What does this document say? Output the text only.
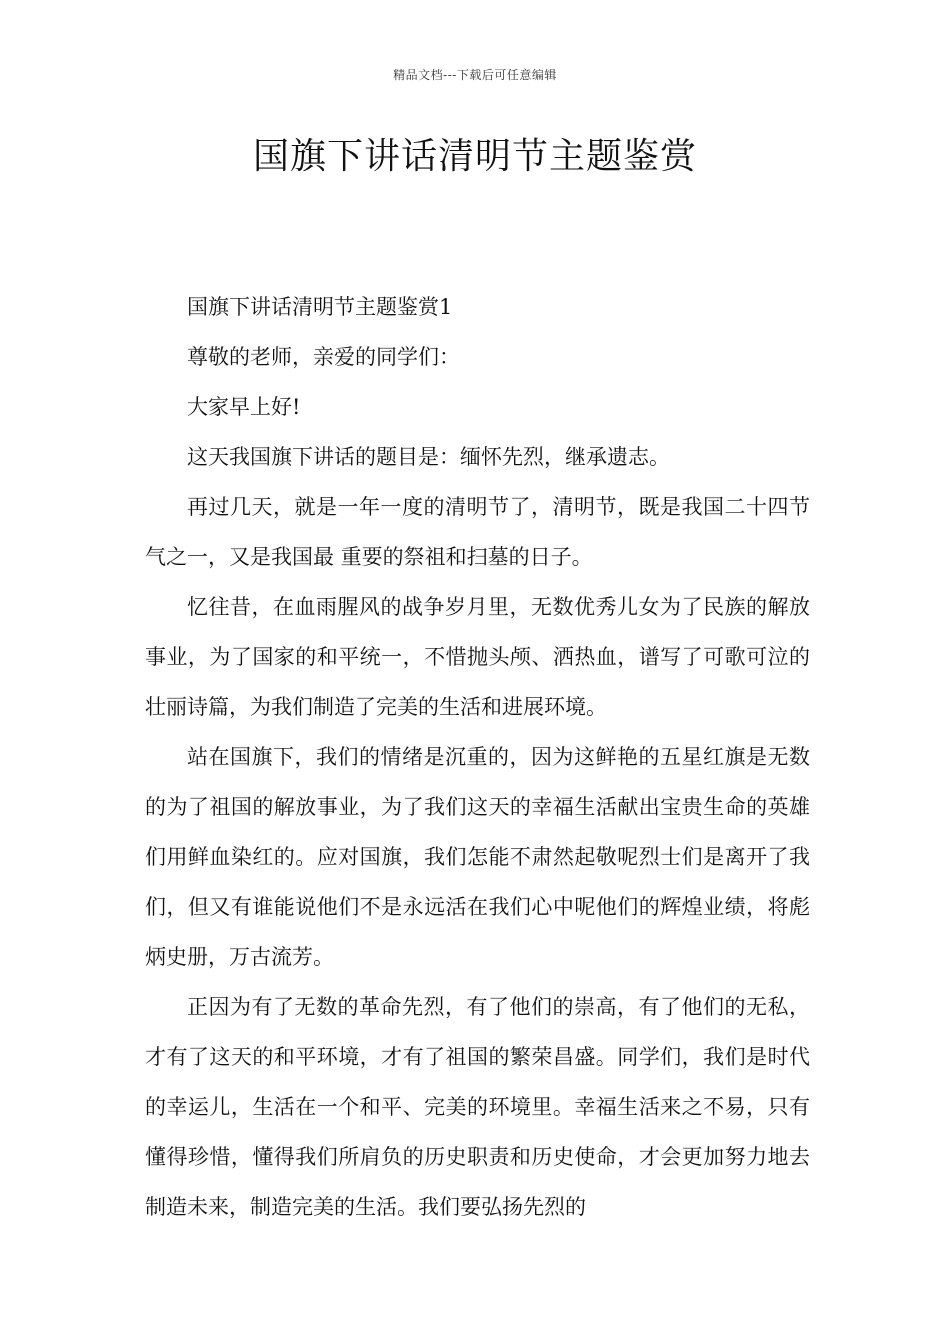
精品文档---下载后可任意编辑
国旗下讲话清明节主题鉴赏

国旗下讲话清明节主题鉴赏1

尊敬的老师，亲爱的同学们：

大家早上好!

这天我国旗下讲话的题目是：缅怀先烈，继承遗志。

再过几天，就是一年一度的清明节了，清明节，既是我国二十四节气之一，又是我国最 重要的祭祖和扫墓的日子。

忆往昔，在血雨腥风的战争岁月里，无数优秀儿女为了民族的解放事业，为了国家的和平统一，不惜抛头颅、洒热血，谱写了可歌可泣的壮丽诗篇，为我们制造了完美的生活和进展环境。

站在国旗下，我们的情绪是沉重的，因为这鲜艳的五星红旗是无数的为了祖国的解放事业，为了我们这天的幸福生活献出宝贵生命的英雄们用鲜血染红的。应对国旗，我们怎能不肃然起敬呢烈士们是离开了我们，但又有谁能说他们不是永远活在我们心中呢他们的辉煌业绩，将彪炳史册，万古流芳。

正因为有了无数的革命先烈，有了他们的崇高，有了他们的无私，才有了这天的和平环境，才有了祖国的繁荣昌盛。同学们，我们是时代的幸运儿，生活在一个和平、完美的环境里。幸福生活来之不易，只有懂得珍惜，懂得我们所肩负的历史职责和历史使命，才会更加努力地去制造未来，制造完美的生活。我们要弘扬先烈的
